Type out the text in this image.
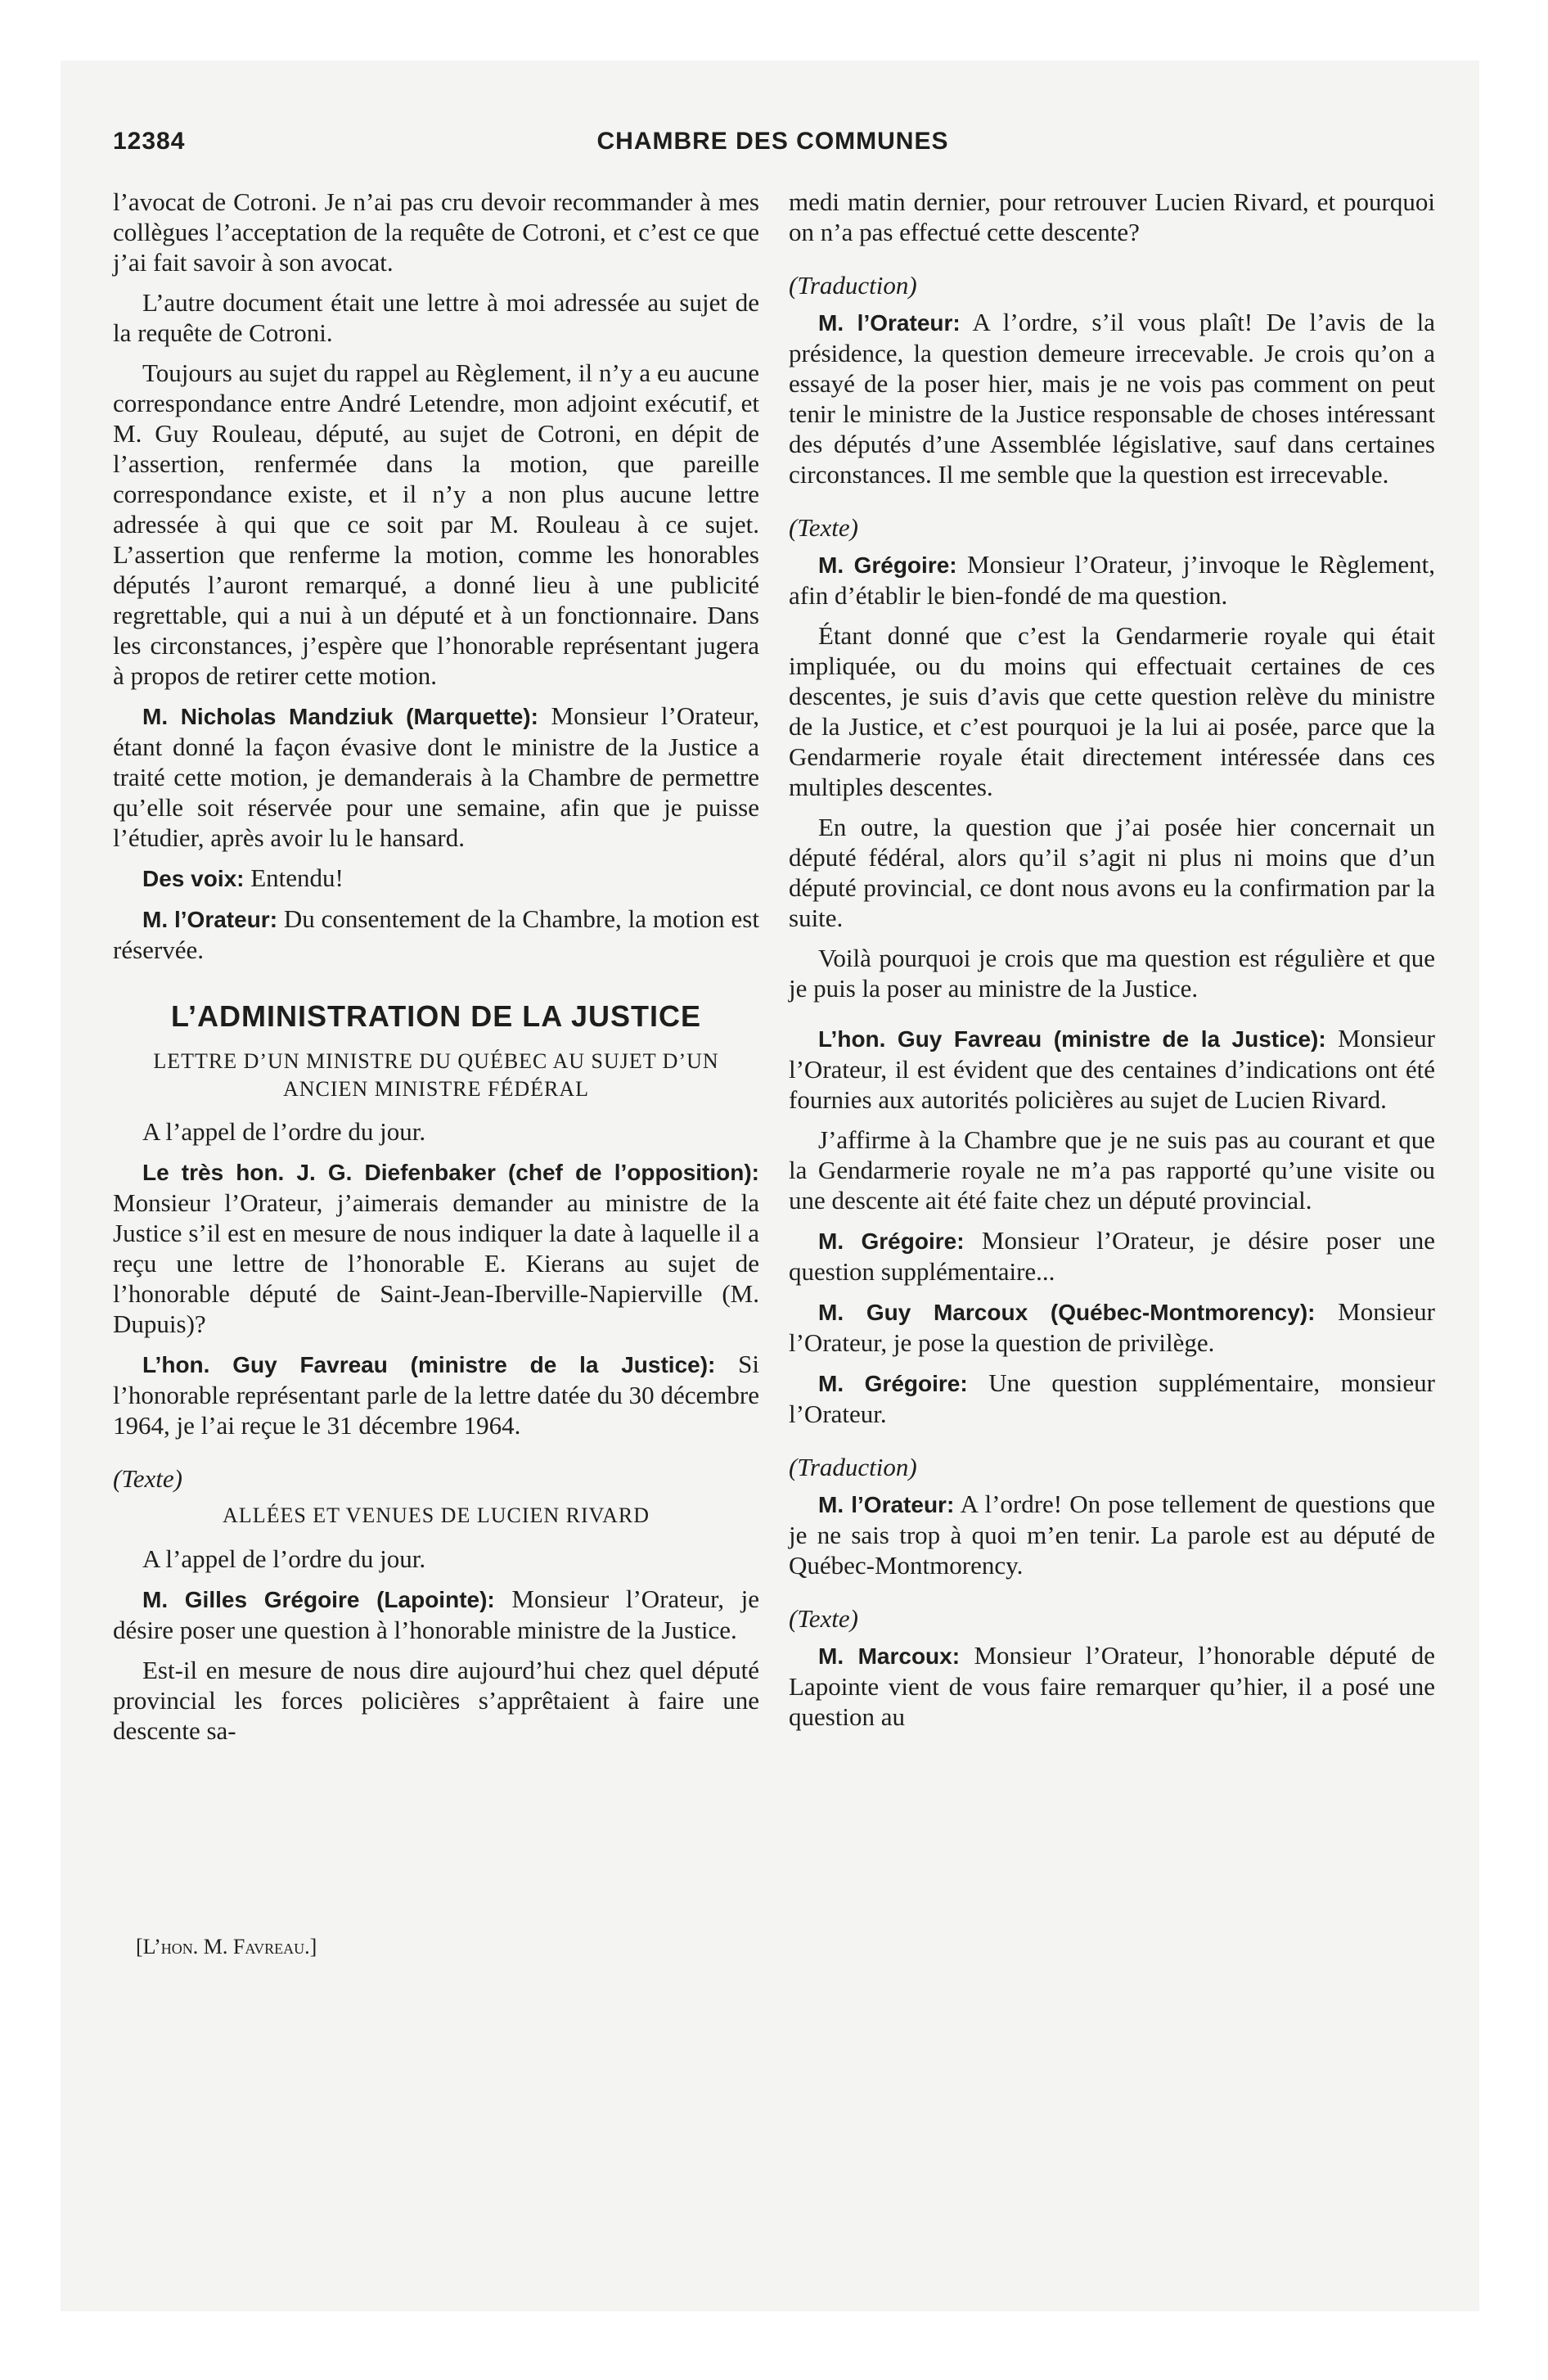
12384	CHAMBRE DES COMMUNES

l’avocat de Cotroni. Je n’ai pas cru devoir recommander à mes collègues l’acceptation de la requête de Cotroni, et c’est ce que j’ai fait savoir à son avocat.

L’autre document était une lettre à moi adressée au sujet de la requête de Cotroni.

Toujours au sujet du rappel au Règlement, il n’y a eu aucune correspondance entre André Letendre, mon adjoint exécutif, et M. Guy Rouleau, député, au sujet de Cotroni, en dépit de l’assertion, renfermée dans la motion, que pareille correspondance existe, et il n’y a non plus aucune lettre adressée à qui que ce soit par M. Rouleau à ce sujet. L’assertion que renferme la motion, comme les honorables députés l’auront remarqué, a donné lieu à une publicité regrettable, qui a nui à un député et à un fonctionnaire. Dans les circonstances, j’espère que l’honorable représentant jugera à propos de retirer cette motion.

M. Nicholas Mandziuk (Marquette): Monsieur l’Orateur, étant donné la façon évasive dont le ministre de la Justice a traité cette motion, je demanderais à la Chambre de permettre qu’elle soit réservée pour une semaine, afin que je puisse l’étudier, après avoir lu le hansard.

Des voix: Entendu!

M. l’Orateur: Du consentement de la Chambre, la motion est réservée.

L’ADMINISTRATION DE LA JUSTICE
LETTRE D’UN MINISTRE DU QUÉBEC AU SUJET D’UN ANCIEN MINISTRE FÉDÉRAL

A l’appel de l’ordre du jour.

Le très hon. J. G. Diefenbaker (chef de l’opposition): Monsieur l’Orateur, j’aimerais demander au ministre de la Justice s’il est en mesure de nous indiquer la date à laquelle il a reçu une lettre de l’honorable E. Kierans au sujet de l’honorable député de Saint-Jean-Iberville-Napierville (M. Dupuis)?

L’hon. Guy Favreau (ministre de la Justice): Si l’honorable représentant parle de la lettre datée du 30 décembre 1964, je l’ai reçue le 31 décembre 1964.

(Texte)
ALLÉES ET VENUES DE LUCIEN RIVARD

A l’appel de l’ordre du jour.

M. Gilles Grégoire (Lapointe): Monsieur l’Orateur, je désire poser une question à l’honorable ministre de la Justice.

Est-il en mesure de nous dire aujourd’hui chez quel député provincial les forces policières s’apprêtaient à faire une descente sa-

medi matin dernier, pour retrouver Lucien Rivard, et pourquoi on n’a pas effectué cette descente?

(Traduction)

M. l’Orateur: A l’ordre, s’il vous plaît! De l’avis de la présidence, la question demeure irrecevable. Je crois qu’on a essayé de la poser hier, mais je ne vois pas comment on peut tenir le ministre de la Justice responsable de choses intéressant des députés d’une Assemblée législative, sauf dans certaines circonstances. Il me semble que la question est irrecevable.

(Texte)

M. Grégoire: Monsieur l’Orateur, j’invoque le Règlement, afin d’établir le bien-fondé de ma question.

Étant donné que c’est la Gendarmerie royale qui était impliquée, ou du moins qui effectuait certaines de ces descentes, je suis d’avis que cette question relève du ministre de la Justice, et c’est pourquoi je la lui ai posée, parce que la Gendarmerie royale était directement intéressée dans ces multiples descentes.

En outre, la question que j’ai posée hier concernait un député fédéral, alors qu’il s’agit ni plus ni moins que d’un député provincial, ce dont nous avons eu la confirmation par la suite.

Voilà pourquoi je crois que ma question est régulière et que je puis la poser au ministre de la Justice.

L’hon. Guy Favreau (ministre de la Justice): Monsieur l’Orateur, il est évident que des centaines d’indications ont été fournies aux autorités policières au sujet de Lucien Rivard.

J’affirme à la Chambre que je ne suis pas au courant et que la Gendarmerie royale ne m’a pas rapporté qu’une visite ou une descente ait été faite chez un député provincial.

M. Grégoire: Monsieur l’Orateur, je désire poser une question supplémentaire...

M. Guy Marcoux (Québec-Montmorency): Monsieur l’Orateur, je pose la question de privilège.

M. Grégoire: Une question supplémentaire, monsieur l’Orateur.

(Traduction)

M. l’Orateur: A l’ordre! On pose tellement de questions que je ne sais trop à quoi m’en tenir. La parole est au député de Québec-Montmorency.

(Texte)

M. Marcoux: Monsieur l’Orateur, l’honorable député de Lapointe vient de vous faire remarquer qu’hier, il a posé une question au

[L’hon. M. Favreau.]
